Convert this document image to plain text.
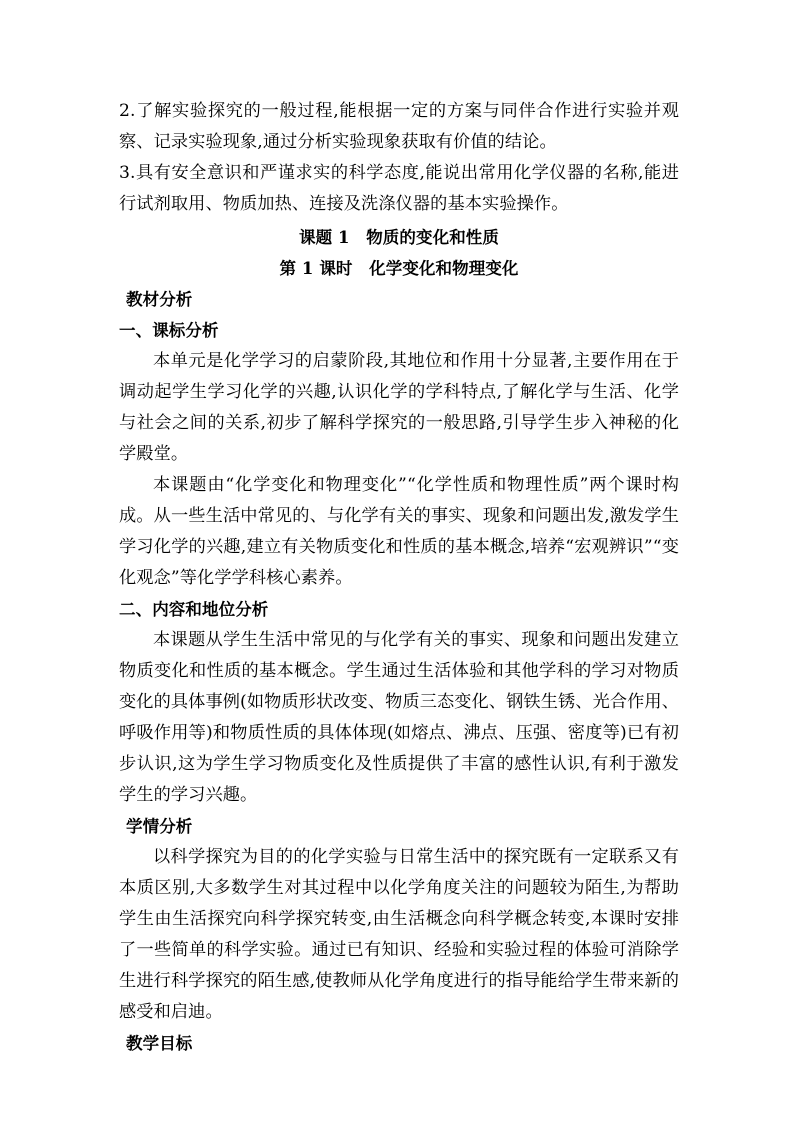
2.了解实验探究的一般过程,能根据一定的方案与同伴合作进行实验并观察、记录实验现象,通过分析实验现象获取有价值的结论。

3.具有安全意识和严谨求实的科学态度,能说出常用化学仪器的名称,能进行试剂取用、物质加热、连接及洗涤仪器的基本实验操作。

课题 1　物质的变化和性质

第 1 课时　化学变化和物理变化

教材分析

一、课标分析

本单元是化学学习的启蒙阶段,其地位和作用十分显著,主要作用在于调动起学生学习化学的兴趣,认识化学的学科特点,了解化学与生活、化学与社会之间的关系,初步了解科学探究的一般思路,引导学生步入神秘的化学殿堂。

本课题由“化学变化和物理变化”“化学性质和物理性质”两个课时构成。从一些生活中常见的、与化学有关的事实、现象和问题出发,激发学生学习化学的兴趣,建立有关物质变化和性质的基本概念,培养“宏观辨识”“变化观念”等化学学科核心素养。

二、内容和地位分析

本课题从学生生活中常见的与化学有关的事实、现象和问题出发建立物质变化和性质的基本概念。学生通过生活体验和其他学科的学习对物质变化的具体事例(如物质形状改变、物质三态变化、钢铁生锈、光合作用、呼吸作用等)和物质性质的具体体现(如熔点、沸点、压强、密度等)已有初步认识,这为学生学习物质变化及性质提供了丰富的感性认识,有利于激发学生的学习兴趣。

学情分析

以科学探究为目的的化学实验与日常生活中的探究既有一定联系又有本质区别,大多数学生对其过程中以化学角度关注的问题较为陌生,为帮助学生由生活探究向科学探究转变,由生活概念向科学概念转变,本课时安排了一些简单的科学实验。通过已有知识、经验和实验过程的体验可消除学生进行科学探究的陌生感,使教师从化学角度进行的指导能给学生带来新的感受和启迪。

教学目标
